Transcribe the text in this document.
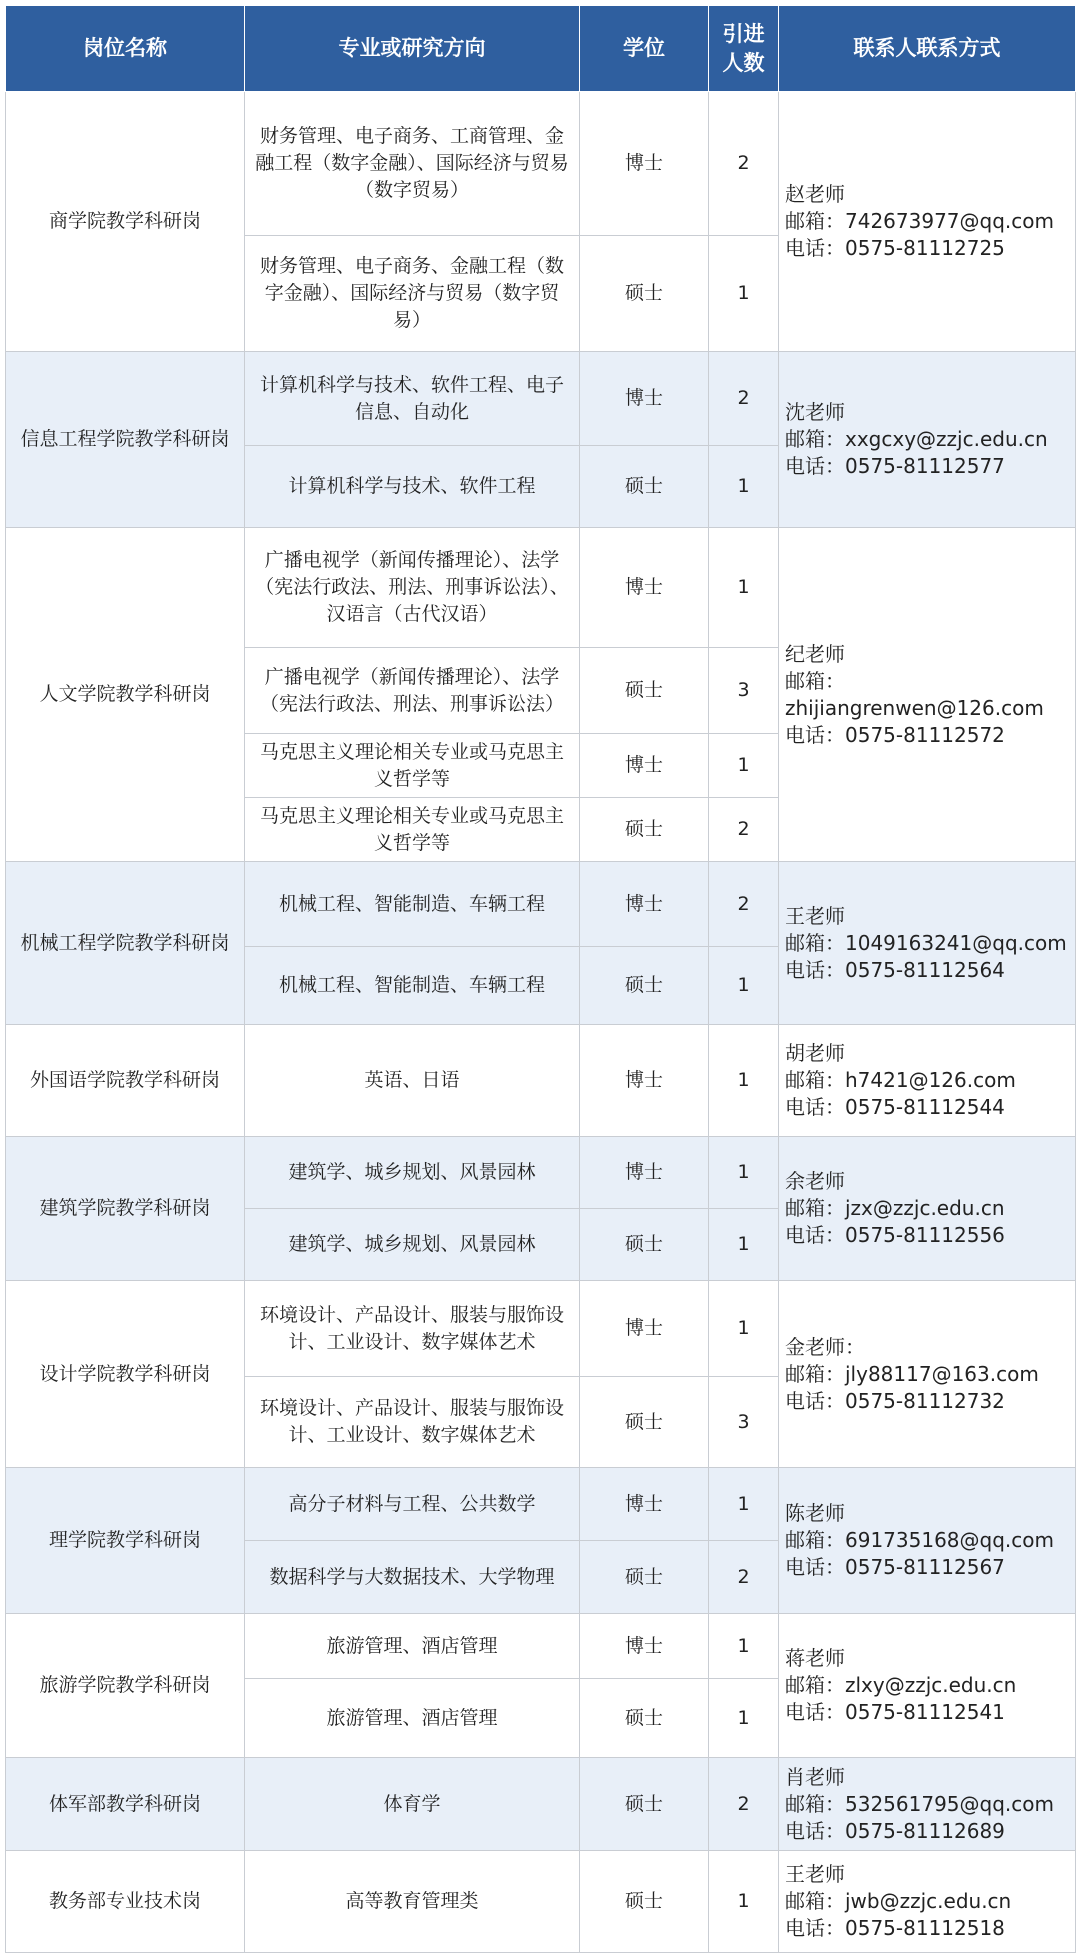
岗位名称	专业或研究方向	学位	引进人数	联系人联系方式
商学院教学科研岗	财务管理、电子商务、工商管理、金融工程（数字金融）、国际经济与贸易（数字贸易）	博士	2	赵老师
邮箱：742673977@qq.com
电话：0575-81112725

	财务管理、电子商务、金融工程（数字金融）、国际经济与贸易（数字贸易）	硕士	1	
信息工程学院教学科研岗	计算机科学与技术、软件工程、电子信息、自动化	博士	2	沈老师
邮箱：xxgcxy@zzjc.edu.cn
电话：0575-81112577

	计算机科学与技术、软件工程	硕士	1	
人文学院教学科研岗	广播电视学（新闻传播理论）、法学（宪法行政法、刑法、刑事诉讼法）、汉语言（古代汉语）	博士	1	纪老师
邮箱：
zhijiangrenwen@126.com
电话：0575-81112572

	广播电视学（新闻传播理论）、法学（宪法行政法、刑法、刑事诉讼法）	硕士	3	
	马克思主义理论相关专业或马克思主义哲学等	博士	1	
	马克思主义理论相关专业或马克思主义哲学等	硕士	2	
机械工程学院教学科研岗	机械工程、智能制造、车辆工程	博士	2	王老师
邮箱：1049163241@qq.com
电话：0575-81112564

	机械工程、智能制造、车辆工程	硕士	1	
外国语学院教学科研岗	英语、日语	博士	1	胡老师
邮箱：h7421@126.com
电话：0575-81112544

建筑学院教学科研岗	建筑学、城乡规划、风景园林	博士	1	余老师
邮箱：jzx@zzjc.edu.cn
电话：0575-81112556

	建筑学、城乡规划、风景园林	硕士	1	
设计学院教学科研岗	环境设计、产品设计、服装与服饰设计、工业设计、数字媒体艺术	博士	1	金老师：
邮箱：jly88117@163.com
电话：0575-81112732

	环境设计、产品设计、服装与服饰设计、工业设计、数字媒体艺术	硕士	3	
理学院教学科研岗	高分子材料与工程、公共数学	博士	1	陈老师
邮箱：691735168@qq.com
电话：0575-81112567

	数据科学与大数据技术、大学物理	硕士	2	
旅游学院教学科研岗	旅游管理、酒店管理	博士	1	蒋老师
邮箱：zlxy@zzjc.edu.cn
电话：0575-81112541

	旅游管理、酒店管理	硕士	1	
体军部教学科研岗	体育学	硕士	2	肖老师
邮箱：532561795@qq.com
电话：0575-81112689

教务部专业技术岗	高等教育管理类	硕士	1	王老师
邮箱：jwb@zzjc.edu.cn
电话：0575-81112518
